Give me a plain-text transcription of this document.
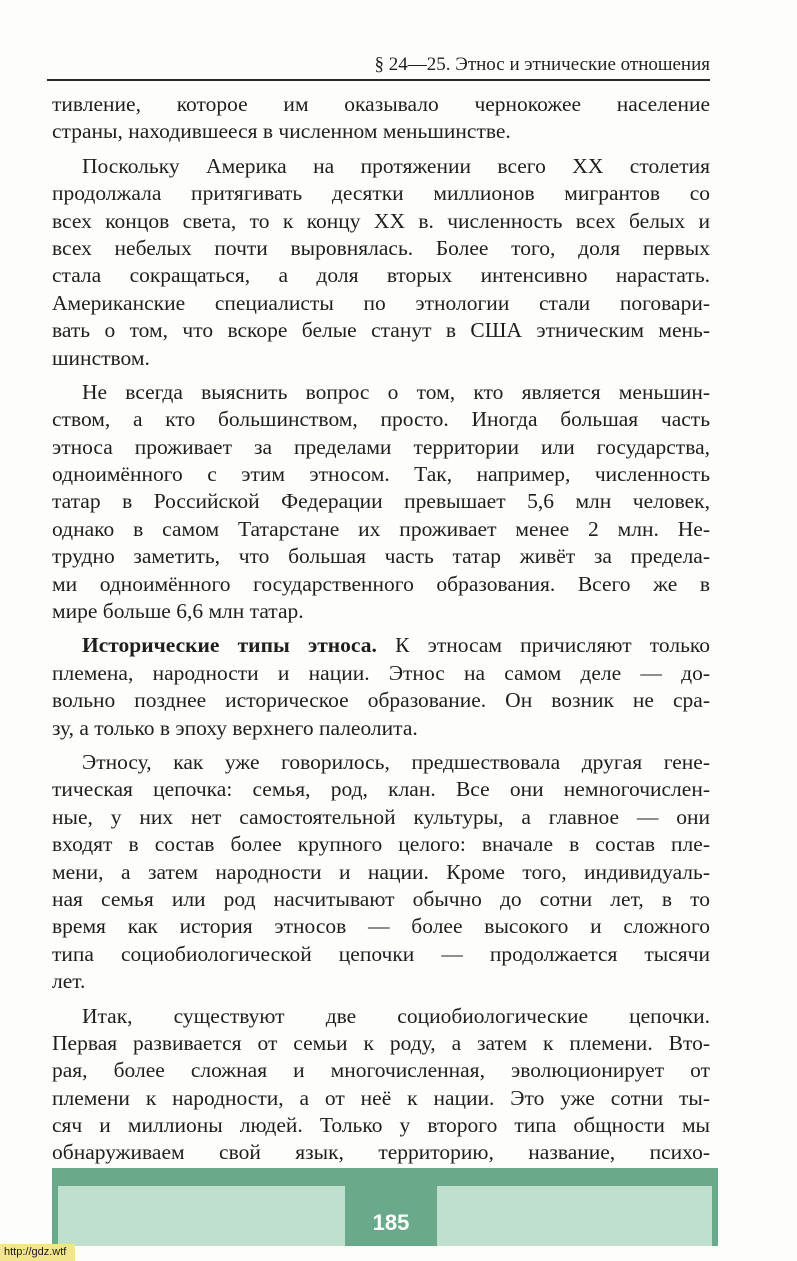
§ 24—25. Этнос и этнические отношения
тивление, которое им оказывало чернокожее население
страны, находившееся в численном меньшинстве.
Поскольку Америка на протяжении всего XX столетия
продолжала притягивать десятки миллионов мигрантов со
всех концов света, то к концу XX в. численность всех белых и
всех небелых почти выровнялась. Более того, доля первых
стала сокращаться, а доля вторых интенсивно нарастать.
Американские специалисты по этнологии стали поговари-
вать о том, что вскоре белые станут в США этническим мень-
шинством.
Не всегда выяснить вопрос о том, кто является меньшин-
ством, а кто большинством, просто. Иногда большая часть
этноса проживает за пределами территории или государства,
одноимённого с этим этносом. Так, например, численность
татар в Российской Федерации превышает 5,6 млн человек,
однако в самом Татарстане их проживает менее 2 млн. Не-
трудно заметить, что большая часть татар живёт за предела-
ми одноимённого государственного образования. Всего же в
мире больше 6,6 млн татар.
Исторические типы этноса. К этносам причисляют только
племена, народности и нации. Этнос на самом деле — до-
вольно позднее историческое образование. Он возник не сра-
зу, а только в эпоху верхнего палеолита.
Этносу, как уже говорилось, предшествовала другая гене-
тическая цепочка: семья, род, клан. Все они немногочислен-
ные, у них нет самостоятельной культуры, а главное — они
входят в состав более крупного целого: вначале в состав пле-
мени, а затем народности и нации. Кроме того, индивидуаль-
ная семья или род насчитывают обычно до сотни лет, в то
время как история этносов — более высокого и сложного
типа социобиологической цепочки — продолжается тысячи
лет.
Итак, существуют две социобиологические цепочки.
Первая развивается от семьи к роду, а затем к племени. Вто-
рая, более сложная и многочисленная, эволюционирует от
племени к народности, а от неё к нации. Это уже сотни ты-
сяч и миллионы людей. Только у второго типа общности мы
обнаруживаем свой язык, территорию, название, психо-
185
http://gdz.wtf
